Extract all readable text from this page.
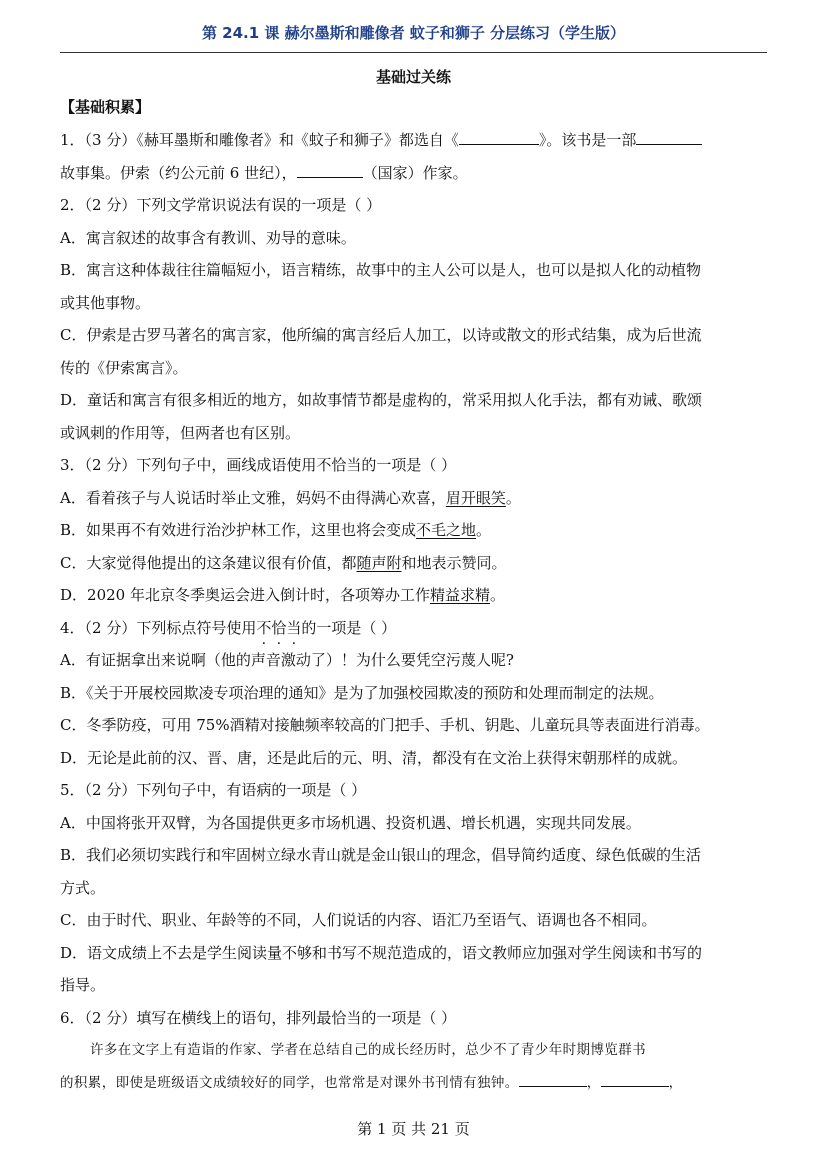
第 24.1 课 赫尔墨斯和雕像者 蚊子和狮子 分层练习（学生版）
基础过关练
【基础积累】

1．（3 分）《赫耳墨斯和雕像者》和《蚊子和狮子》都选自《	》。该书是一部

故事集。伊索（约公元前 6 世纪），	（国家）作家。

2．（2 分）下列文学常识说法有误的一项是（ ）

A．寓言叙述的故事含有教训、劝导的意味。

B．寓言这种体裁往往篇幅短小，语言精练，故事中的主人公可以是人，也可以是拟人化的动植物

或其他事物。

C．伊索是古罗马著名的寓言家，他所编的寓言经后人加工，以诗或散文的形式结集，成为后世流

传的《伊索寓言》。

D．童话和寓言有很多相近的地方，如故事情节都是虚构的，常采用拟人化手法，都有劝诫、歌颂

或讽刺的作用等，但两者也有区别。

3．（2 分）下列句子中，画线成语使用不恰当的一项是（ ）

A．看着孩子与人说话时举止文雅，妈妈不由得满心欢喜，眉开眼笑。

B．如果再不有效进行治沙护林工作，这里也将会变成不毛之地。

C．大家觉得他提出的这条建议很有价值，都随声附和地表示赞同。

D．2020 年北京冬季奥运会进入倒计时，各项筹办工作精益求精。

4．（2 分）下列标点符号使用不恰当的一项是（ ）

A．有证据拿出来说啊（他的声音激动了）！为什么要凭空污蔑人呢?

B．《关于开展校园欺凌专项治理的通知》是为了加强校园欺凌的预防和处理而制定的法规。

C．冬季防疫，可用 75%酒精对接触频率较高的门把手、手机、钥匙、儿童玩具等表面进行消毒。

D．无论是此前的汉、晋、唐，还是此后的元、明、清，都没有在文治上获得宋朝那样的成就。

5．（2 分）下列句子中，有语病的一项是（ ）

A．中国将张开双臂，为各国提供更多市场机遇、投资机遇、增长机遇，实现共同发展。

B．我们必须切实践行和牢固树立绿水青山就是金山银山的理念，倡导简约适度、绿色低碳的生活

方式。

C．由于时代、职业、年龄等的不同，人们说话的内容、语汇乃至语气、语调也各不相同。

D．语文成绩上不去是学生阅读量不够和书写不规范造成的，语文教师应加强对学生阅读和书写的

指导。

6．（2 分）填写在横线上的语句，排列最恰当的一项是（ ）

许多在文字上有造诣的作家、学者在总结自己的成长经历时，总少不了青少年时期博览群书

的积累，即使是班级语文成绩较好的同学，也常常是对课外书刊情有独钟。	，	，

第 1 页 共 21 页
